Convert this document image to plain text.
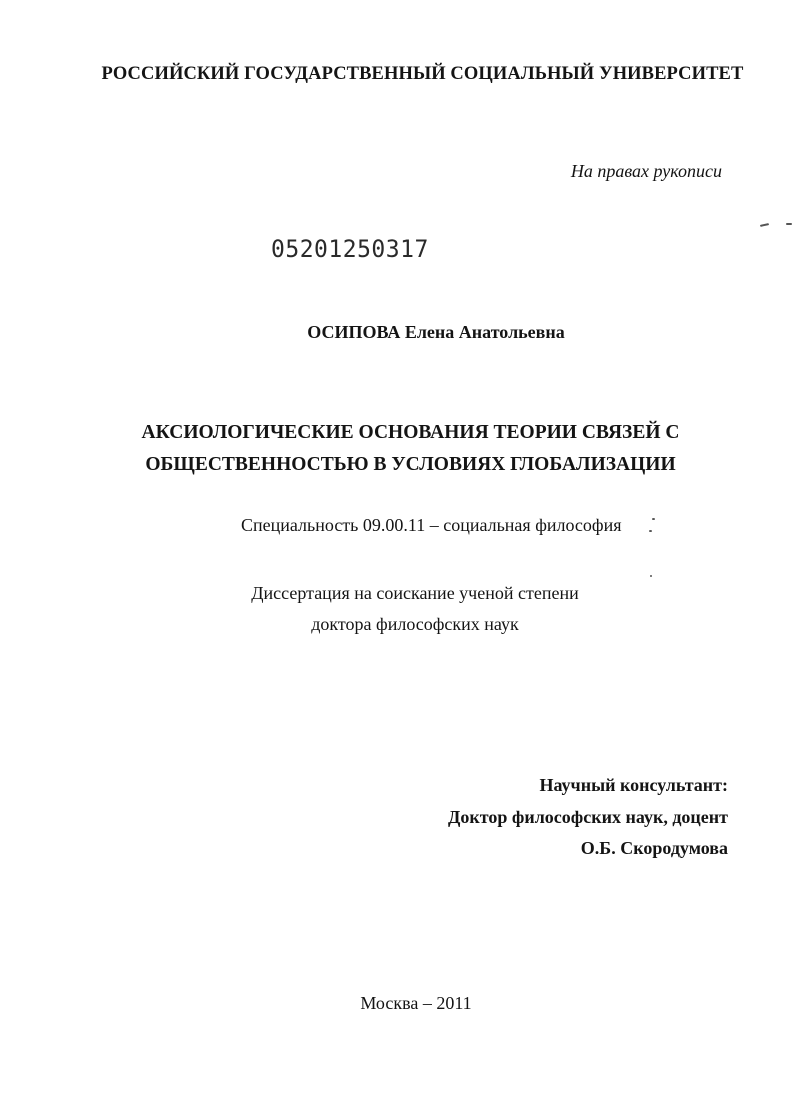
РОССИЙСКИЙ ГОСУДАРСТВЕННЫЙ СОЦИАЛЬНЫЙ УНИВЕРСИТЕТ
На правах рукописи
05201250317
ОСИПОВА Елена Анатольевна
АКСИОЛОГИЧЕСКИЕ ОСНОВАНИЯ ТЕОРИИ СВЯЗЕЙ С
ОБЩЕСТВЕННОСТЬЮ В УСЛОВИЯХ ГЛОБАЛИЗАЦИИ
Специальность 09.00.11 – социальная философия
Диссертация на соискание ученой степени
доктора философских наук
Научный консультант:
Доктор философских наук, доцент
О.Б. Скородумова
Москва – 2011
